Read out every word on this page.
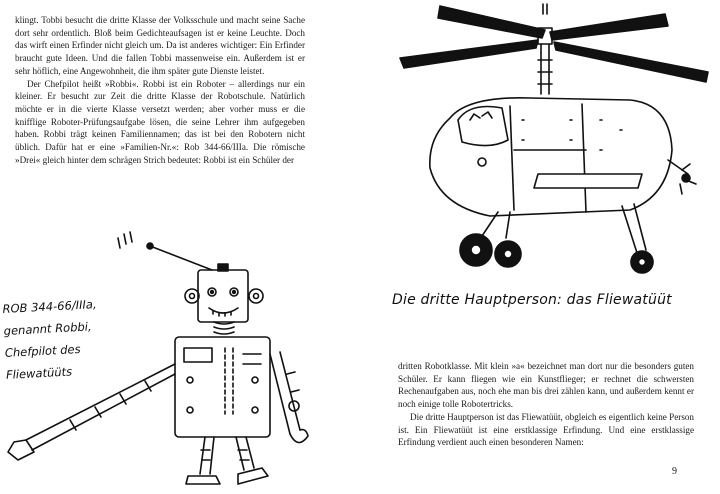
klingt. Tobbi besucht die dritte Klasse der Volksschule und macht seine Sache dort sehr ordentlich. Bloß beim Gedichteaufsagen ist er keine Leuchte. Doch das wirft einen Erfinder nicht gleich um. Da ist anderes wichtiger: Ein Erfinder braucht gute Ideen. Und die fallen Tobbi massenweise ein. Außerdem ist er sehr höflich, eine Angewohnheit, die ihm später gute Dienste leistet.

Der Chefpilot heißt »Robbi«. Robbi ist ein Roboter – allerdings nur ein kleiner. Er besucht zur Zeit die dritte Klasse der Robotschule. Natürlich möchte er in die vierte Klasse versetzt werden; aber vorher muss er die knifflige Roboter-Prüfungsaufgabe lösen, die seine Lehrer ihm aufgegeben haben. Robbi trägt keinen Familiennamen; das ist bei den Robotern nicht üblich. Dafür hat er eine »Familien-Nr.«: Rob 344-66/IIIa. Die römische »Drei« gleich hinter dem schrägen Strich bedeutet: Robbi ist ein Schüler der

ROB 344-66/IIIa,
genannt Robbi,
Chefpilot des
Fliewatüüts
Die dritte Hauptperson: das Fliewatüüt

dritten Robotklasse. Mit klein »a« bezeichnet man dort nur die besonders guten Schüler. Er kann fliegen wie ein Kunstflieger; er rechnet die schwersten Rechenaufgaben aus, noch ehe man bis drei zählen kann, und außerdem kennt er noch einige tolle Robotertricks.

Die dritte Hauptperson ist das Fliewatüüt, obgleich es eigentlich keine Person ist. Ein Fliewatüüt ist eine erstklassige Erfindung. Und eine erstklassige Erfindung verdient auch einen besonderen Namen:

9
